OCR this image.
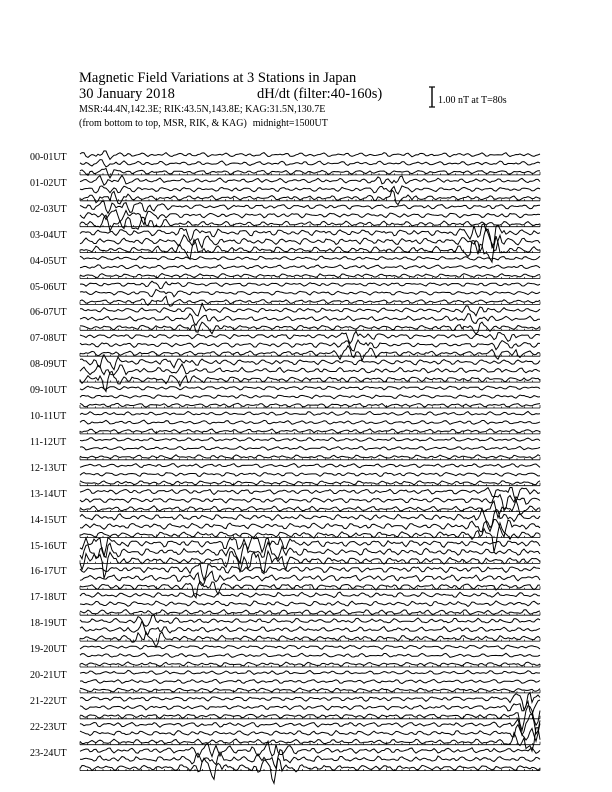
Magnetic Field Variations at 3 Stations in Japan
30 January 2018	dH/dt (filter:40-160s)
MSR:44.4N,142.3E; RIK:43.5N,143.8E; KAG:31.5N,130.7E
(from bottom to top, MSR, RIK, & KAG) midnight=1500UT
1.00 nT at T=80s
00-01UT
01-02UT
02-03UT
03-04UT
04-05UT
05-06UT
06-07UT
07-08UT
08-09UT
09-10UT
10-11UT
11-12UT
12-13UT
13-14UT
14-15UT
15-16UT
16-17UT
17-18UT
18-19UT
19-20UT
20-21UT
21-22UT
22-23UT
23-24UT
